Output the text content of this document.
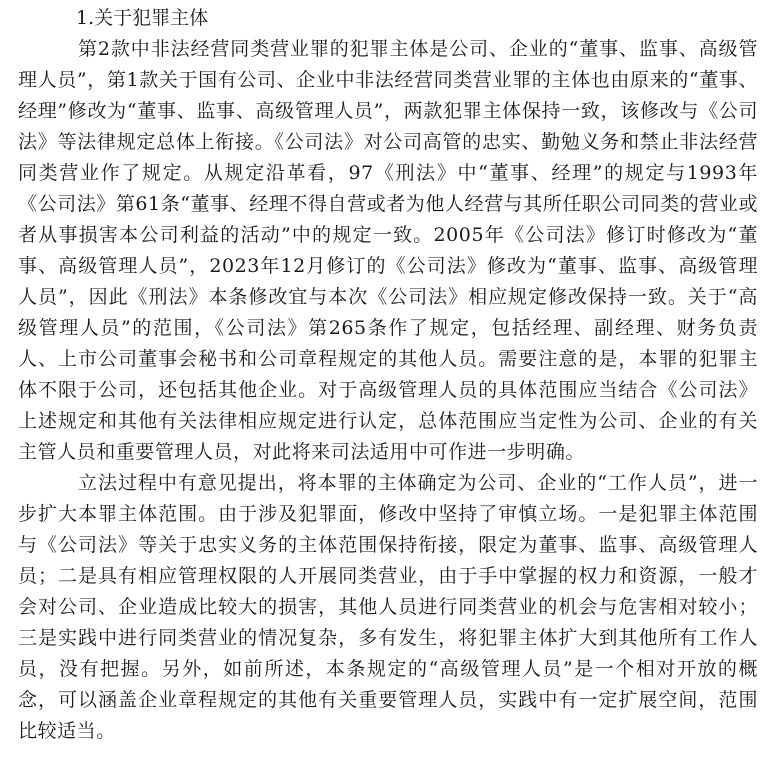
1.关于犯罪主体

第2款中非法经营同类营业罪的犯罪主体是公司、企业的“董事、监事、高级管理人员”，第1款关于国有公司、企业中非法经营同类营业罪的主体也由原来的“董事、经理”修改为“董事、监事、高级管理人员”，两款犯罪主体保持一致，该修改与《公司法》等法律规定总体上衔接。《公司法》对公司高管的忠实、勤勉义务和禁止非法经营同类营业作了规定。从规定沿革看，97《刑法》中“董事、经理”的规定与1993年《公司法》第61条“董事、经理不得自营或者为他人经营与其所任职公司同类的营业或者从事损害本公司利益的活动”中的规定一致。2005年《公司法》修订时修改为“董事、高级管理人员”，2023年12月修订的《公司法》修改为“董事、监事、高级管理人员”，因此《刑法》本条修改宜与本次《公司法》相应规定修改保持一致。关于“高级管理人员”的范围，《公司法》第265条作了规定，包括经理、副经理、财务负责人、上市公司董事会秘书和公司章程规定的其他人员。需要注意的是，本罪的犯罪主体不限于公司，还包括其他企业。对于高级管理人员的具体范围应当结合《公司法》上述规定和其他有关法律相应规定进行认定，总体范围应当定性为公司、企业的有关主管人员和重要管理人员，对此将来司法适用中可作进一步明确。

立法过程中有意见提出，将本罪的主体确定为公司、企业的“工作人员”，进一步扩大本罪主体范围。由于涉及犯罪面，修改中坚持了审慎立场。一是犯罪主体范围与《公司法》等关于忠实义务的主体范围保持衔接，限定为董事、监事、高级管理人员；二是具有相应管理权限的人开展同类营业，由于手中掌握的权力和资源，一般才会对公司、企业造成比较大的损害，其他人员进行同类营业的机会与危害相对较小；三是实践中进行同类营业的情况复杂，多有发生，将犯罪主体扩大到其他所有工作人员，没有把握。另外，如前所述，本条规定的“高级管理人员”是一个相对开放的概念，可以涵盖企业章程规定的其他有关重要管理人员，实践中有一定扩展空间，范围比较适当。
